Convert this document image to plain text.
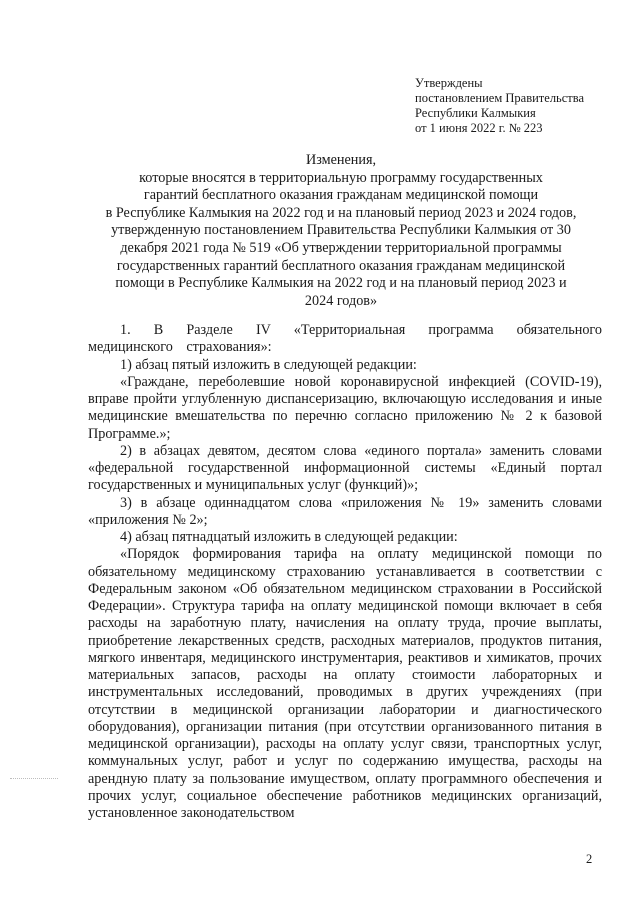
Утверждены
постановлением Правительства
Республики Калмыкия
от 1 июня 2022 г. № 223
Изменения,
которые вносятся в территориальную программу государственных
гарантий бесплатного оказания гражданам медицинской помощи
в Республике Калмыкия на 2022 год и на плановый период 2023 и 2024 годов,
утвержденную постановлением Правительства Республики Калмыкия от 30
декабря 2021 года № 519 «Об утверждении территориальной программы
государственных гарантий бесплатного оказания гражданам медицинской
помощи в Республике Калмыкия на 2022 год и на плановый период 2023 и
2024 годов»

1. В Разделе IV «Территориальная программа обязательного медицинского страхования»:

1) абзац пятый изложить в следующей редакции:

«Граждане, переболевшие новой коронавирусной инфекцией (COVID-19), вправе пройти углубленную диспансеризацию, включающую исследования и иные медицинские вмешательства по перечню согласно приложению № 2 к базовой Программе.»;

2) в абзацах девятом, десятом слова «единого портала» заменить словами «федеральной государственной информационной системы «Единый портал государственных и муниципальных услуг (функций)»;

3) в абзаце одиннадцатом слова «приложения № 19» заменить словами «приложения № 2»;

4) абзац пятнадцатый изложить в следующей редакции:

«Порядок формирования тарифа на оплату медицинской помощи по обязательному медицинскому страхованию устанавливается в соответствии с Федеральным законом «Об обязательном медицинском страховании в Российской Федерации». Структура тарифа на оплату медицинской помощи включает в себя расходы на заработную плату, начисления на оплату труда, прочие выплаты, приобретение лекарственных средств, расходных материалов, продуктов питания, мягкого инвентаря, медицинского инструментария, реактивов и химикатов, прочих материальных запасов, расходы на оплату стоимости лабораторных и инструментальных исследований, проводимых в других учреждениях (при отсутствии в медицинской организации лаборатории и диагностического оборудования), организации питания (при отсутствии организованного питания в медицинской организации), расходы на оплату услуг связи, транспортных услуг, коммунальных услуг, работ и услуг по содержанию имущества, расходы на арендную плату за пользование имуществом, оплату программного обеспечения и прочих услуг, социальное обеспечение работников медицинских организаций, установленное законодательством

2
